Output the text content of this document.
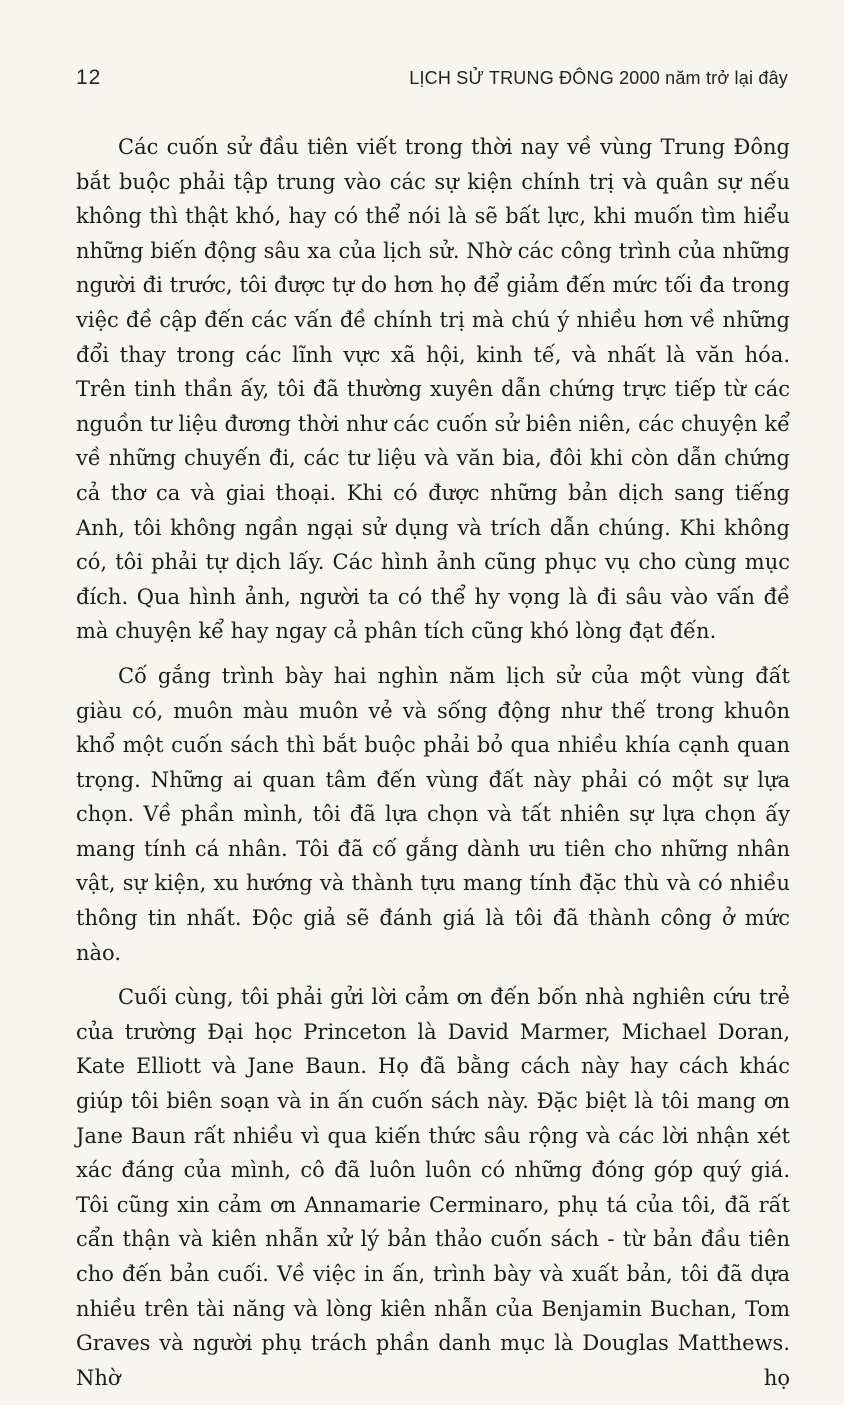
12	LỊCH SỬ TRUNG ĐÔNG 2000 năm trở lại đây

Các cuốn sử đầu tiên viết trong thời nay về vùng Trung Đông bắt buộc phải tập trung vào các sự kiện chính trị và quân sự nếu không thì thật khó, hay có thể nói là sẽ bất lực, khi muốn tìm hiểu những biến động sâu xa của lịch sử. Nhờ các công trình của những người đi trước, tôi được tự do hơn họ để giảm đến mức tối đa trong việc đề cập đến các vấn đề chính trị mà chú ý nhiều hơn về những đổi thay trong các lĩnh vực xã hội, kinh tế, và nhất là văn hóa. Trên tinh thần ấy, tôi đã thường xuyên dẫn chứng trực tiếp từ các nguồn tư liệu đương thời như các cuốn sử biên niên, các chuyện kể về những chuyến đi, các tư liệu và văn bia, đôi khi còn dẫn chứng cả thơ ca và giai thoại. Khi có được những bản dịch sang tiếng Anh, tôi không ngần ngại sử dụng và trích dẫn chúng. Khi không có, tôi phải tự dịch lấy. Các hình ảnh cũng phục vụ cho cùng mục đích. Qua hình ảnh, người ta có thể hy vọng là đi sâu vào vấn đề mà chuyện kể hay ngay cả phân tích cũng khó lòng đạt đến.

Cố gắng trình bày hai nghìn năm lịch sử của một vùng đất giàu có, muôn màu muôn vẻ và sống động như thế trong khuôn khổ một cuốn sách thì bắt buộc phải bỏ qua nhiều khía cạnh quan trọng. Những ai quan tâm đến vùng đất này phải có một sự lựa chọn. Về phần mình, tôi đã lựa chọn và tất nhiên sự lựa chọn ấy mang tính cá nhân. Tôi đã cố gắng dành ưu tiên cho những nhân vật, sự kiện, xu hướng và thành tựu mang tính đặc thù và có nhiều thông tin nhất. Độc giả sẽ đánh giá là tôi đã thành công ở mức nào.

Cuối cùng, tôi phải gửi lời cảm ơn đến bốn nhà nghiên cứu trẻ của trường Đại học Princeton là David Marmer, Michael Doran, Kate Elliott và Jane Baun. Họ đã bằng cách này hay cách khác giúp tôi biên soạn và in ấn cuốn sách này. Đặc biệt là tôi mang ơn Jane Baun rất nhiều vì qua kiến thức sâu rộng và các lời nhận xét xác đáng của mình, cô đã luôn luôn có những đóng góp quý giá. Tôi cũng xin cảm ơn Annamarie Cerminaro, phụ tá của tôi, đã rất cẩn thận và kiên nhẫn xử lý bản thảo cuốn sách - từ bản đầu tiên cho đến bản cuối. Về việc in ấn, trình bày và xuất bản, tôi đã dựa nhiều trên tài năng và lòng kiên nhẫn của Benjamin Buchan, Tom Graves và người phụ trách phần danh mục là Douglas Matthews. Nhờ họ
